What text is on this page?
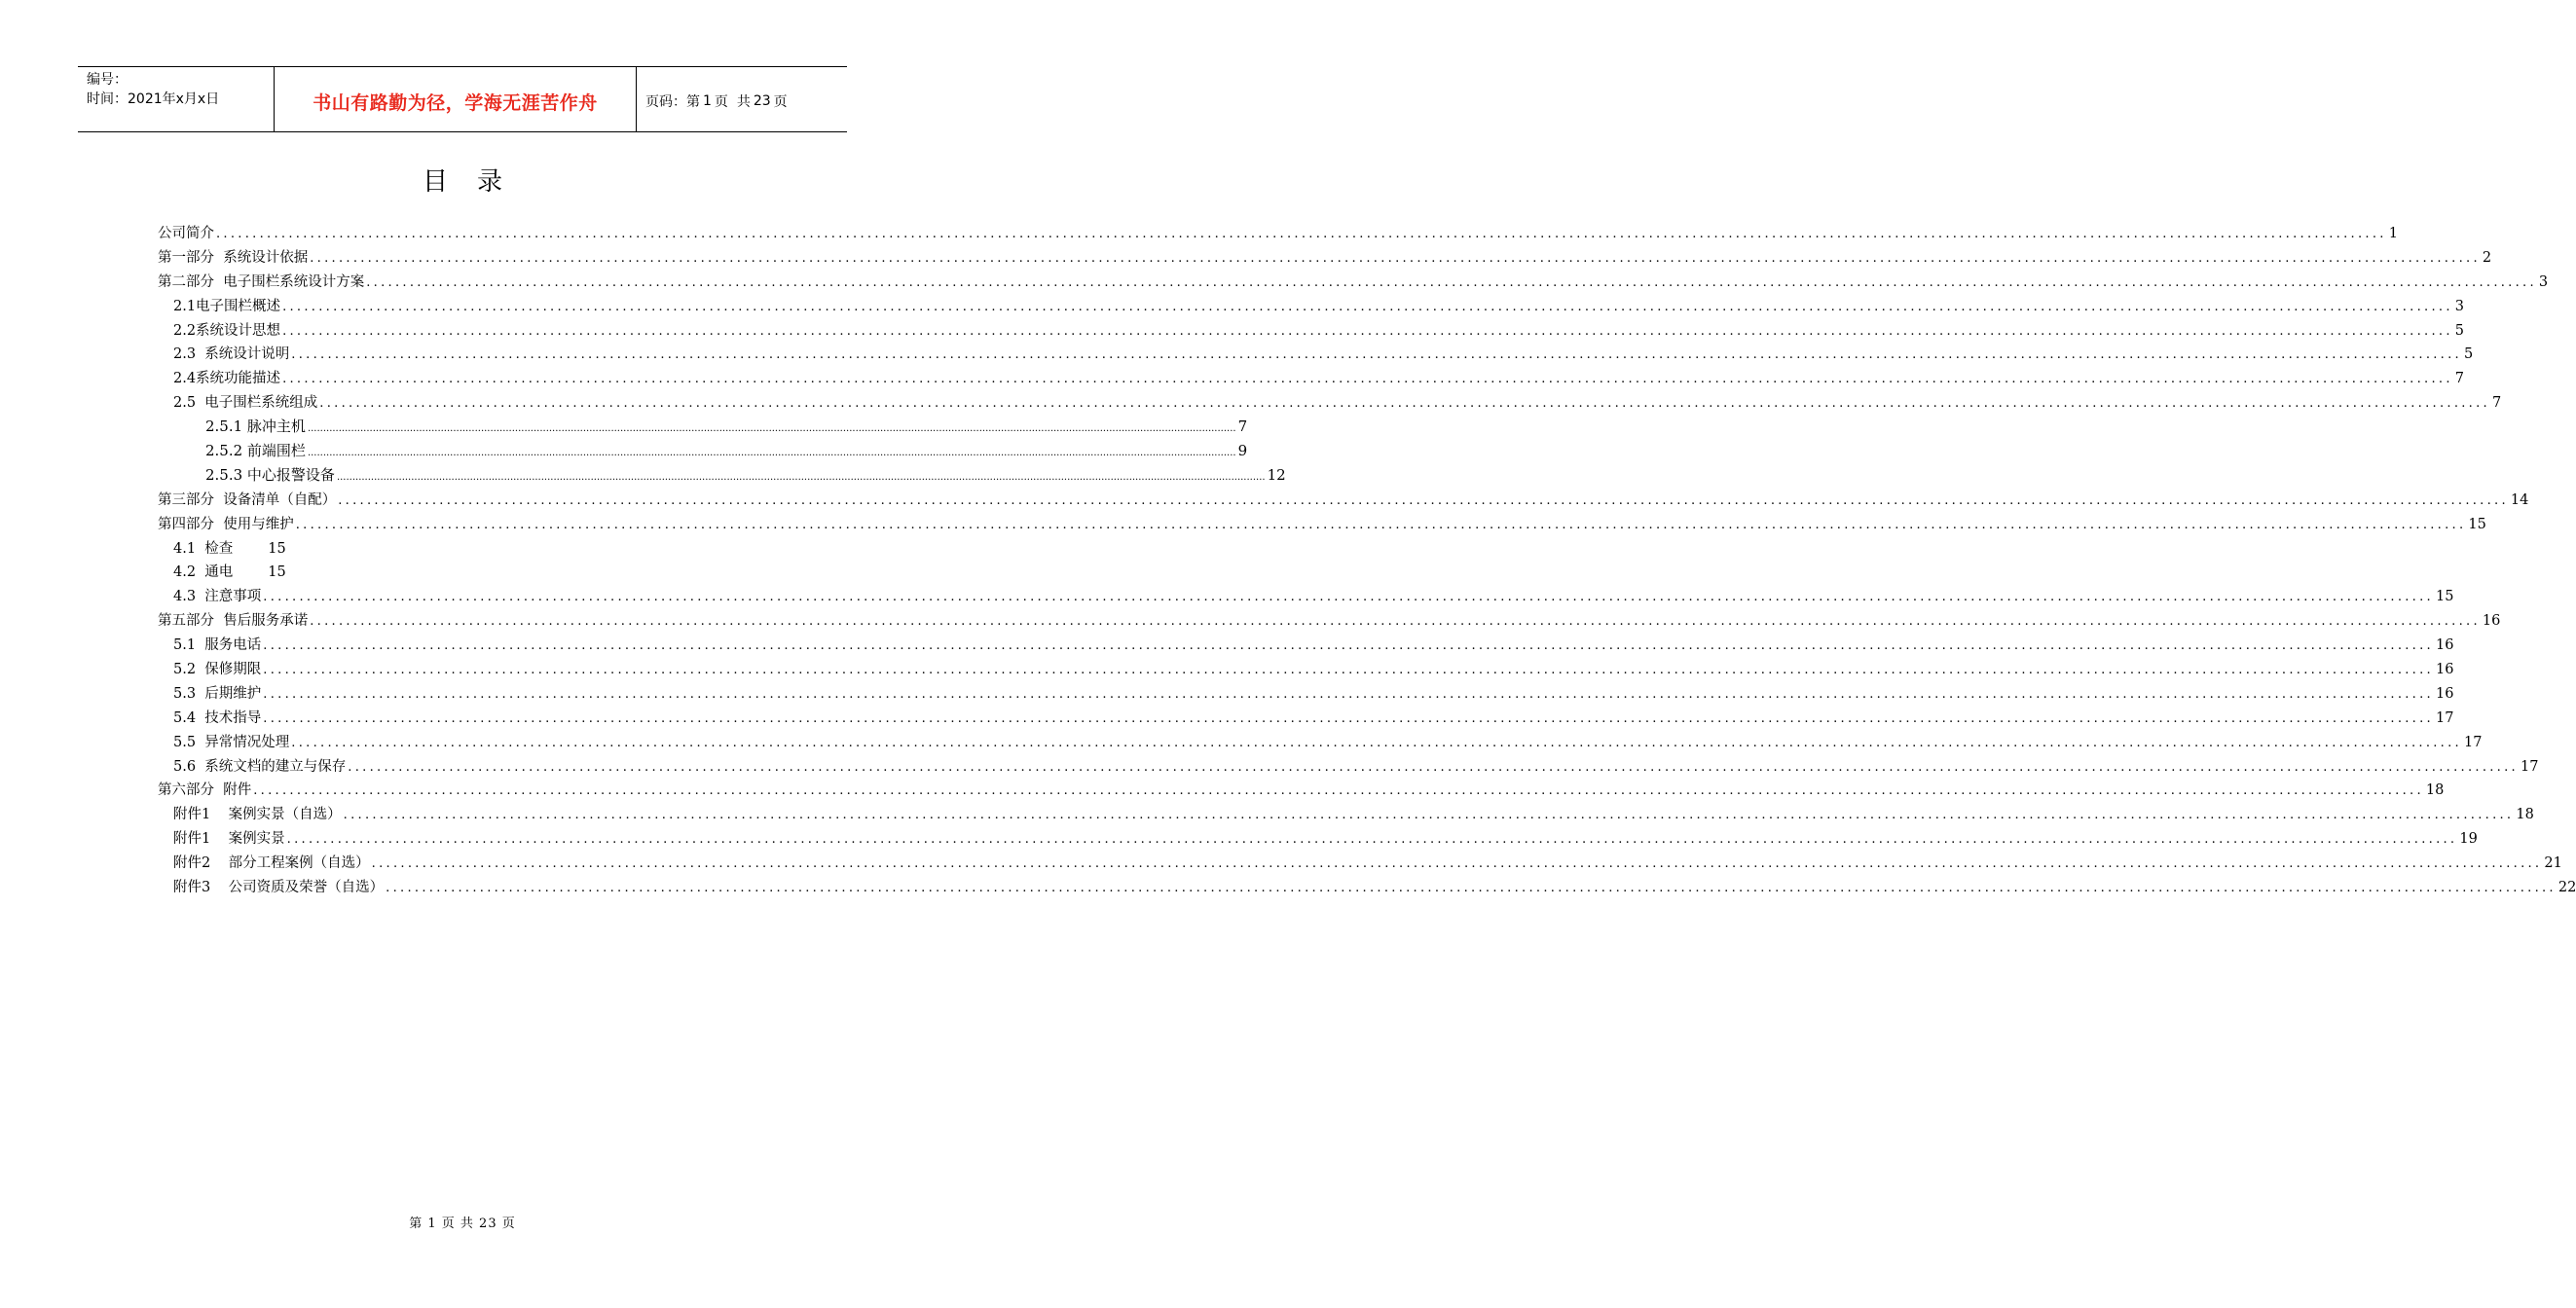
编号：
时间：2021年x月x日	书山有路勤为径，学海无涯苦作舟	页码：第 1 页  共 23 页
目录
公司简介 ............................................................................................................................................................................................................................................................................................................ 1
第一部分  系统设计依据 ............................................................................................................................................................................................................................................................................................................ 2
第二部分  电子围栏系统设计方案 ............................................................................................................................................................................................................................................................................................................ 3
2.1电子围栏概述 ............................................................................................................................................................................................................................................................................................................ 3
2.2系统设计思想 ............................................................................................................................................................................................................................................................................................................ 5
2.3  系统设计说明 ............................................................................................................................................................................................................................................................................................................ 5
2.4系统功能描述 ............................................................................................................................................................................................................................................................................................................ 7
2.5  电子围栏系统组成 ............................................................................................................................................................................................................................................................................................................ 7
2.5.1 脉冲主机 ............................................................................................................................................................................................................................................................................................................ 7
2.5.2 前端围栏 ............................................................................................................................................................................................................................................................................................................ 9
2.5.3 中心报警设备 ............................................................................................................................................................................................................................................................................................................ 12
第三部分  设备清单（自配） ............................................................................................................................................................................................................................................................................................................ 14
第四部分  使用与维护 ............................................................................................................................................................................................................................................................................................................ 15
4.1  检查 15
4.2  通电 15
4.3  注意事项 ............................................................................................................................................................................................................................................................................................................ 15
第五部分  售后服务承诺 ............................................................................................................................................................................................................................................................................................................ 16
5.1  服务电话 ............................................................................................................................................................................................................................................................................................................ 16
5.2  保修期限 ............................................................................................................................................................................................................................................................................................................ 16
5.3  后期维护 ............................................................................................................................................................................................................................................................................................................ 16
5.4  技术指导 ............................................................................................................................................................................................................................................................................................................ 17
5.5  异常情况处理 ............................................................................................................................................................................................................................................................................................................ 17
5.6  系统文档的建立与保存 ............................................................................................................................................................................................................................................................................................................ 17
第六部分  附件 ............................................................................................................................................................................................................................................................................................................ 18
附件1    案例实景（自选） ............................................................................................................................................................................................................................................................................................................ 18
附件1    案例实景 ............................................................................................................................................................................................................................................................................................................ 19
附件2    部分工程案例（自选） ............................................................................................................................................................................................................................................................................................................ 21
附件3    公司资质及荣誉（自选） ............................................................................................................................................................................................................................................................................................................ 22
第 1 页 共 23 页
